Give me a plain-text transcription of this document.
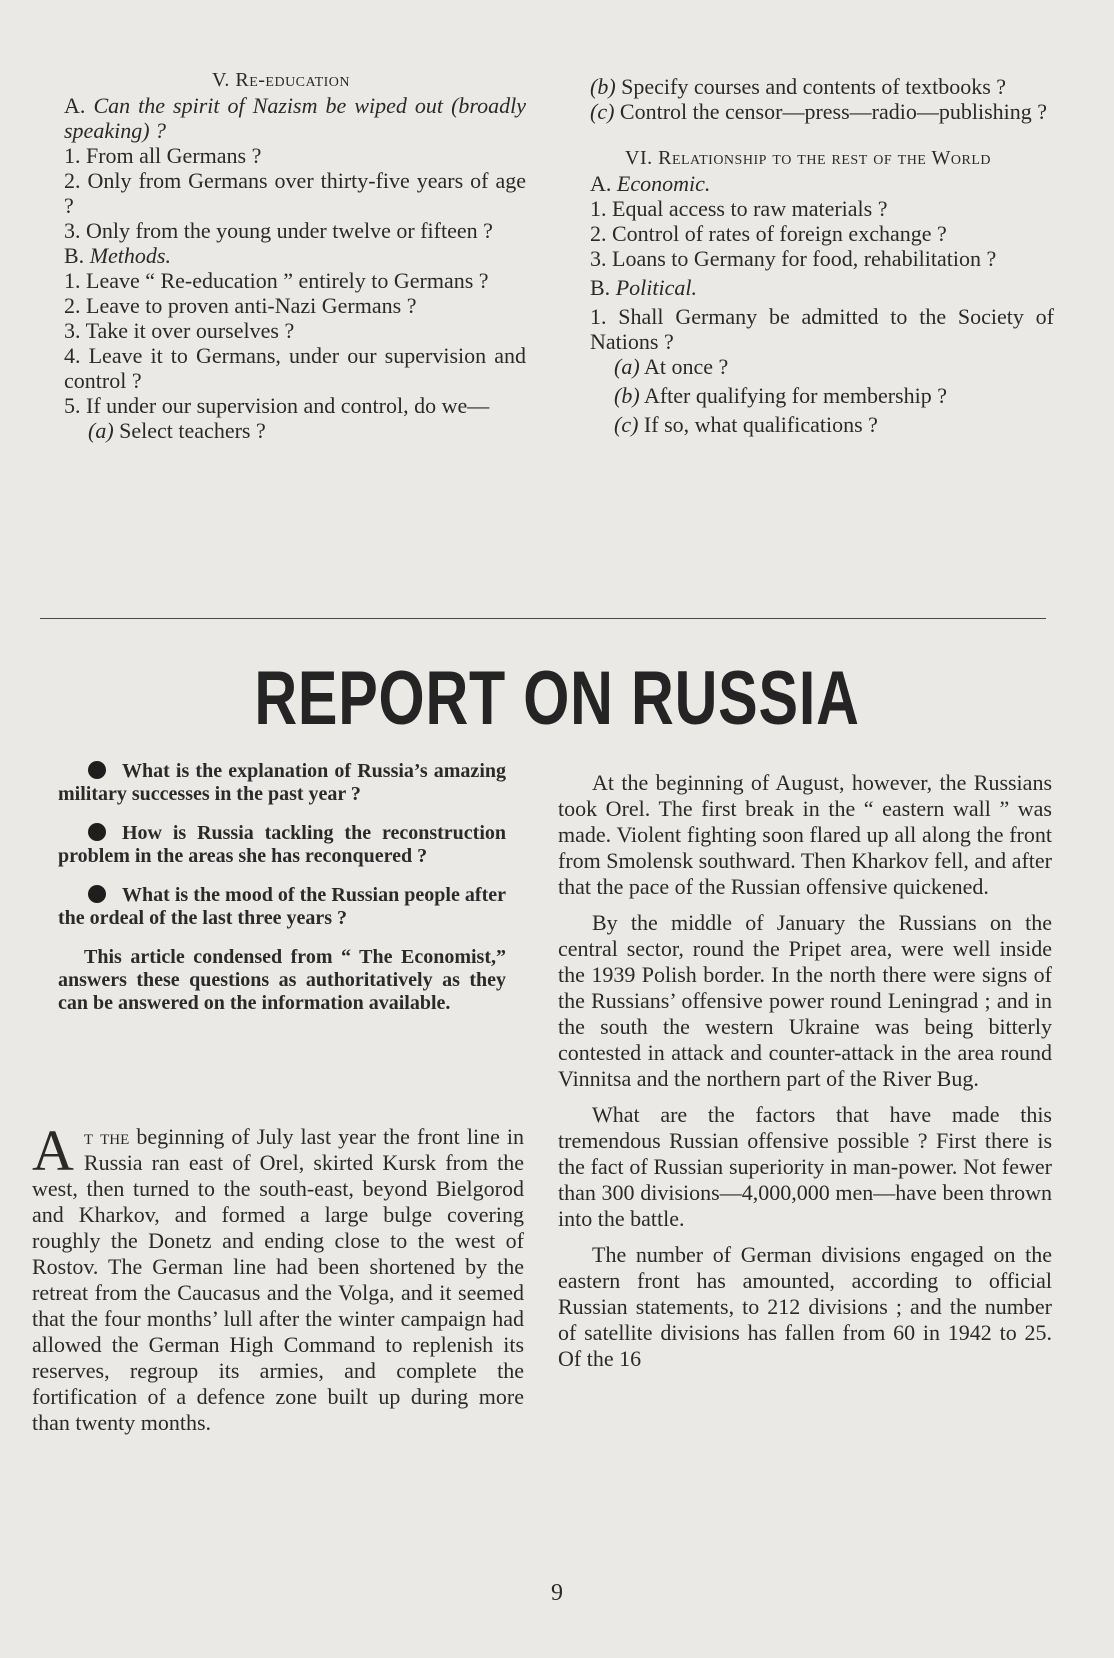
V. Re-education
A. Can the spirit of Nazism be wiped out (broadly speaking) ?
1. From all Germans ?
2. Only from Germans over thirty-five years of age ?
3. Only from the young under twelve or fifteen ?
B. Methods.
1. Leave “ Re-education ” entirely to Germans ?
2. Leave to proven anti-Nazi Germans ?
3. Take it over ourselves ?
4. Leave it to Germans, under our supervision and control ?
5. If under our supervision and control, do we—
(a) Select teachers ?
(b) Specify courses and contents of textbooks ?
(c) Control the censor—press—radio—publishing ?
VI. Relationship to the rest of the World
A. Economic.
1. Equal access to raw materials ?
2. Control of rates of foreign exchange ?
3. Loans to Germany for food, rehabilitation ?
B. Political.
1. Shall Germany be admitted to the Society of Nations ?
(a) At once ?
(b) After qualifying for membership ?
(c) If so, what qualifications ?
REPORT ON RUSSIA
What is the explanation of Russia’s amazing military successes in the past year ?
How is Russia tackling the reconstruction problem in the areas she has reconquered ?
What is the mood of the Russian people after the ordeal of the last three years ?
This article condensed from “ The Economist,” answers these questions as authoritatively as they can be answered on the information available.
A t the beginning of July last year the front line in Russia ran east of Orel, skirted Kursk from the west, then turned to the south-east, beyond Bielgorod and Kharkov, and formed a large bulge covering roughly the Donetz and ending close to the west of Rostov. The German line had been shortened by the retreat from the Caucasus and the Volga, and it seemed that the four months’ lull after the winter campaign had allowed the German High Command to replenish its reserves, regroup its armies, and complete the fortification of a defence zone built up during more than twenty months.

At the beginning of August, however, the Russians took Orel. The first break in the “ eastern wall ” was made. Violent fighting soon flared up all along the front from Smolensk southward. Then Kharkov fell, and after that the pace of the Russian offensive quickened.

By the middle of January the Russians on the central sector, round the Pripet area, were well inside the 1939 Polish border. In the north there were signs of the Russians’ offensive power round Leningrad ; and in the south the western Ukraine was being bitterly contested in attack and counter-attack in the area round Vinnitsa and the northern part of the River Bug.

What are the factors that have made this tremendous Russian offensive possible ? First there is the fact of Russian superiority in man-power. Not fewer than 300 divisions—4,000,000 men—have been thrown into the battle.

The number of German divisions engaged on the eastern front has amounted, according to official Russian statements, to 212 divisions ; and the number of satellite divisions has fallen from 60 in 1942 to 25. Of the 16

9
